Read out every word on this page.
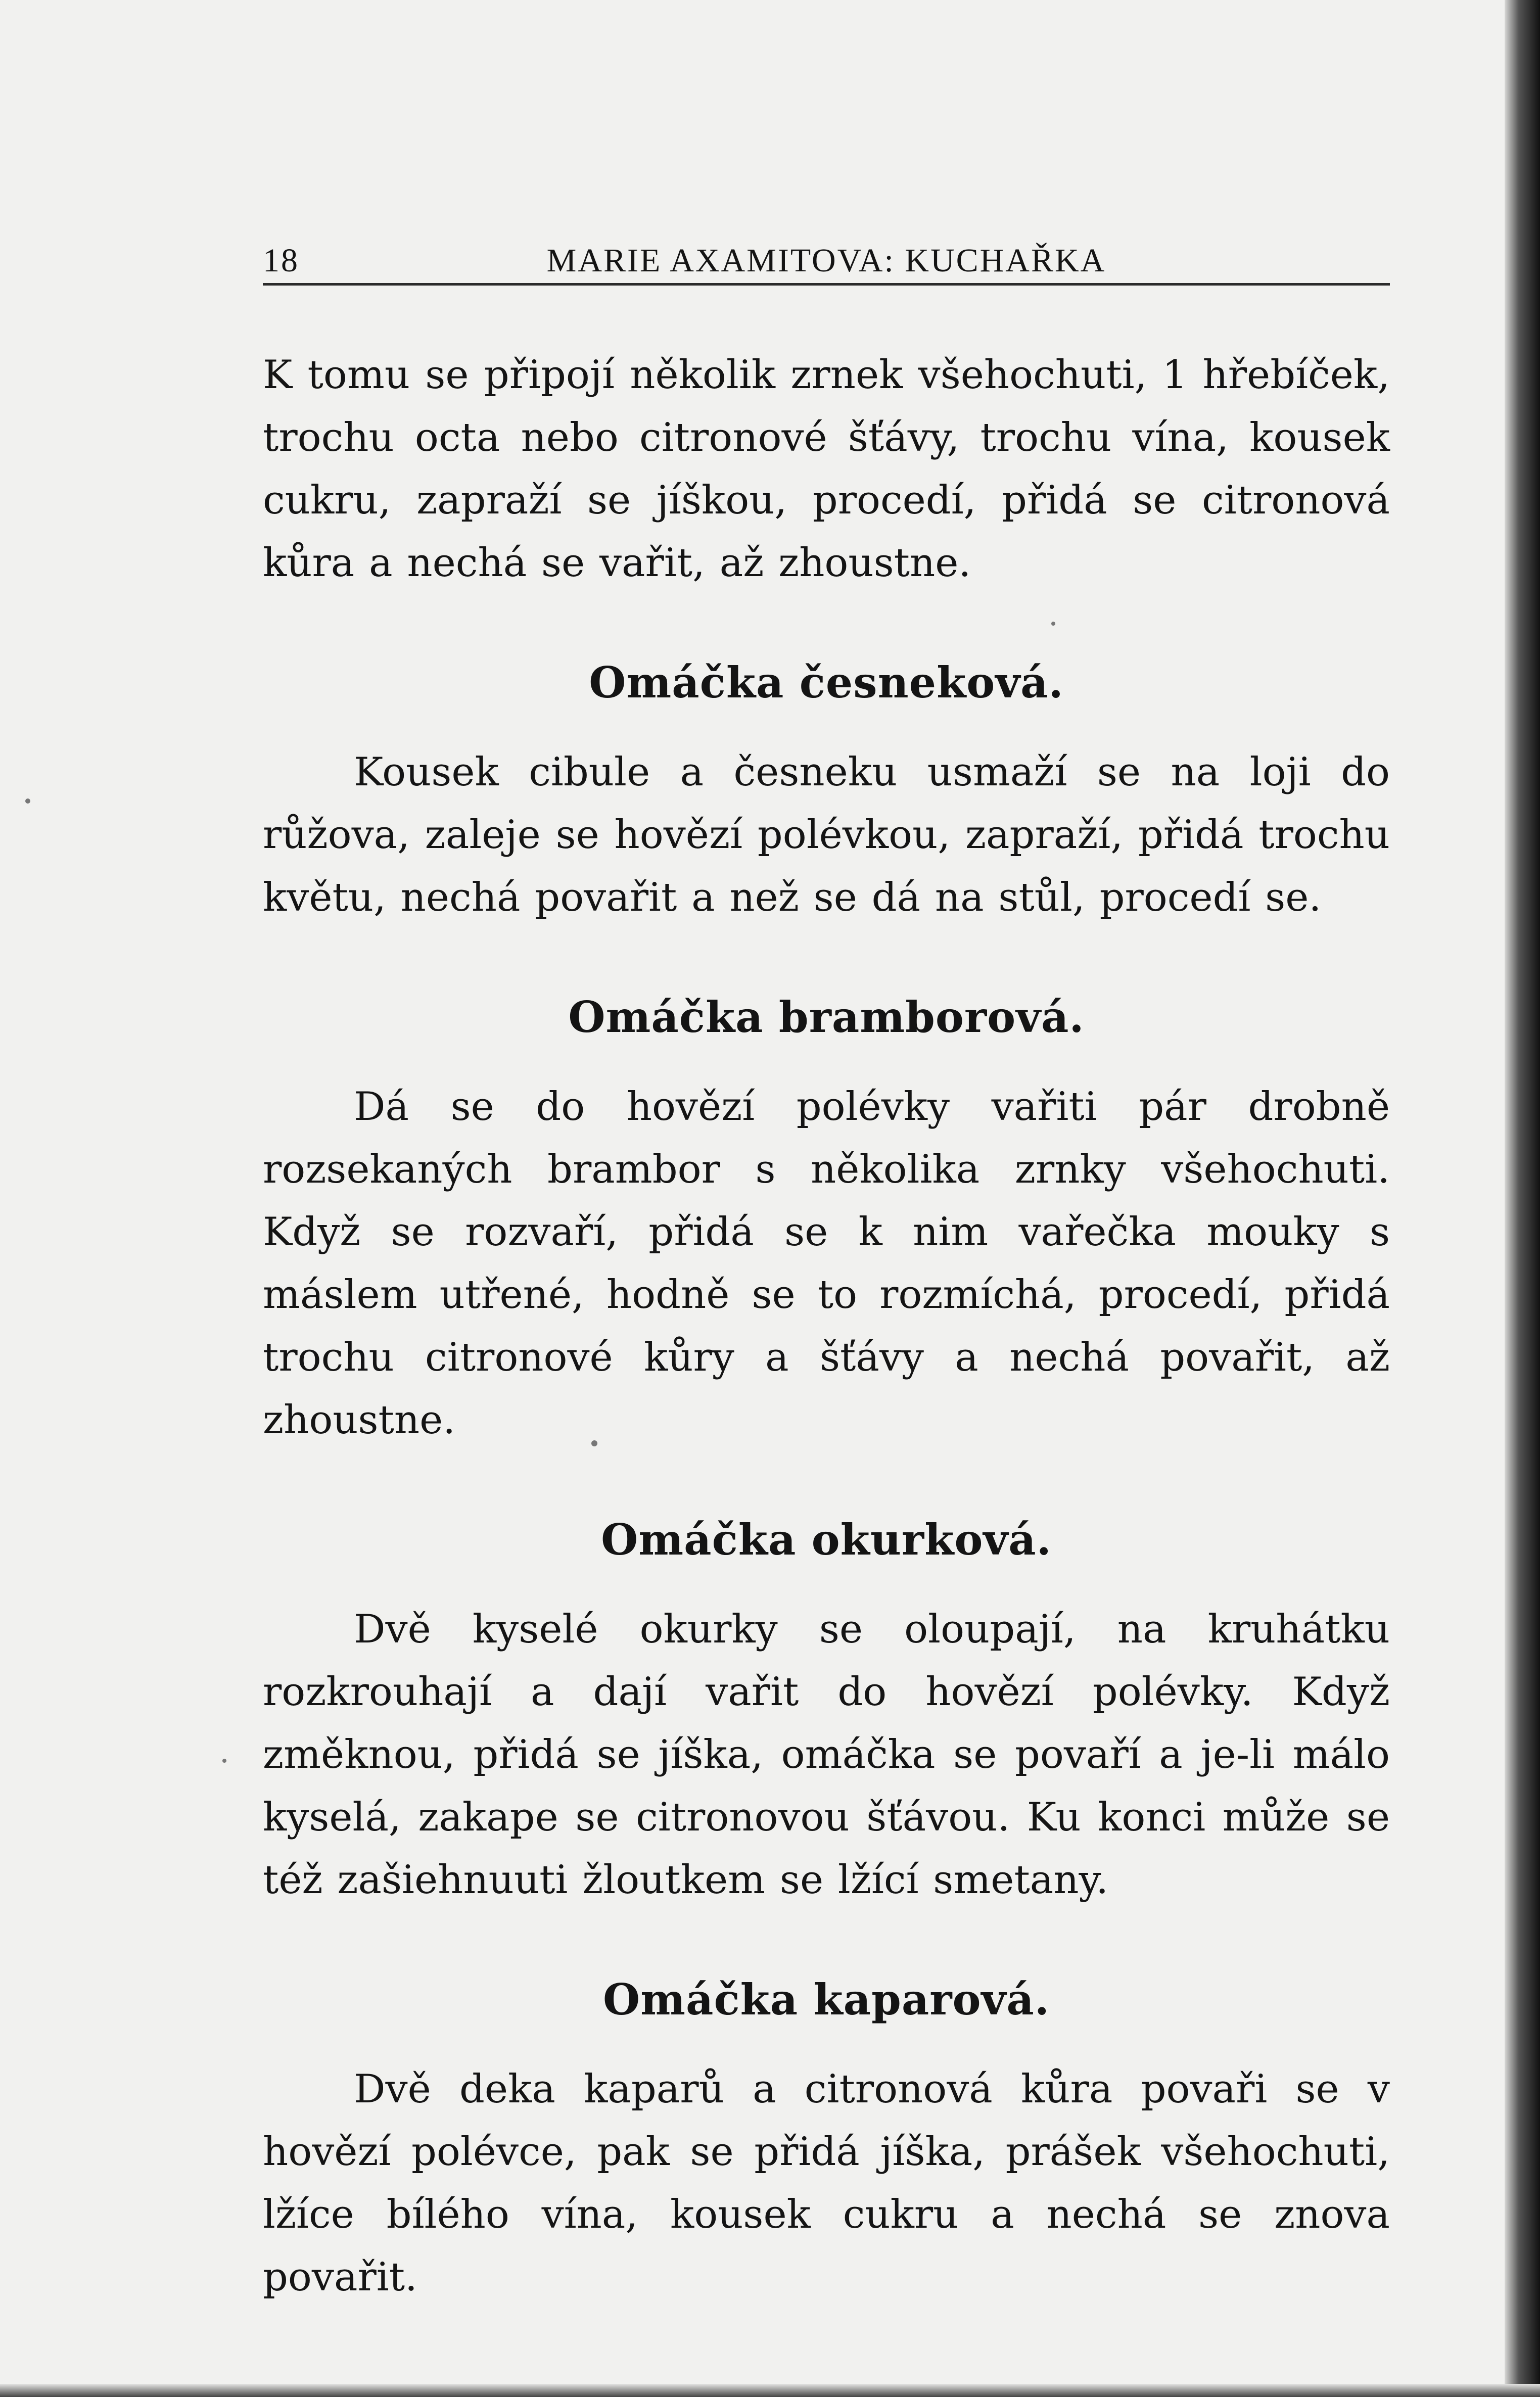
18	MARIE AXAMITOVA: KUCHAŘKA

K tomu se připojí několik zrnek všehochuti, 1 hřebíček, trochu octa nebo citronové šťávy, trochu vína, kousek cukru, zapraží se jíškou, procedí, přidá se citronová kůra a nechá se vařit, až zhoustne.

Omáčka česneková.

Kousek cibule a česneku usmaží se na loji do růžova, zaleje se hovězí polévkou, zapraží, přidá trochu květu, nechá povařit a než se dá na stůl, procedí se.

Omáčka bramborová.

Dá se do hovězí polévky vařiti pár drobně rozsekaných brambor s několika zrnky všehochuti. Když se rozvaří, přidá se k nim vařečka mouky s máslem utřené, hodně se to rozmíchá, procedí, přidá trochu citronové kůry a šťávy a nechá povařit, až zhoustne.

Omáčka okurková.

Dvě kyselé okurky se oloupají, na kruhátku rozkrouhají a dají vařit do hovězí polévky. Když změknou, přidá se jíška, omáčka se povaří a je-li málo kyselá, zakape se citronovou šťávou. Ku konci může se též zašiehnuuti žloutkem se lžící smetany.

Omáčka kaparová.

Dvě deka kaparů a citronová kůra povaři se v hovězí polévce, pak se přidá jíška, prášek všehochuti, lžíce bílého vína, kousek cukru a nechá se znova povařit.
